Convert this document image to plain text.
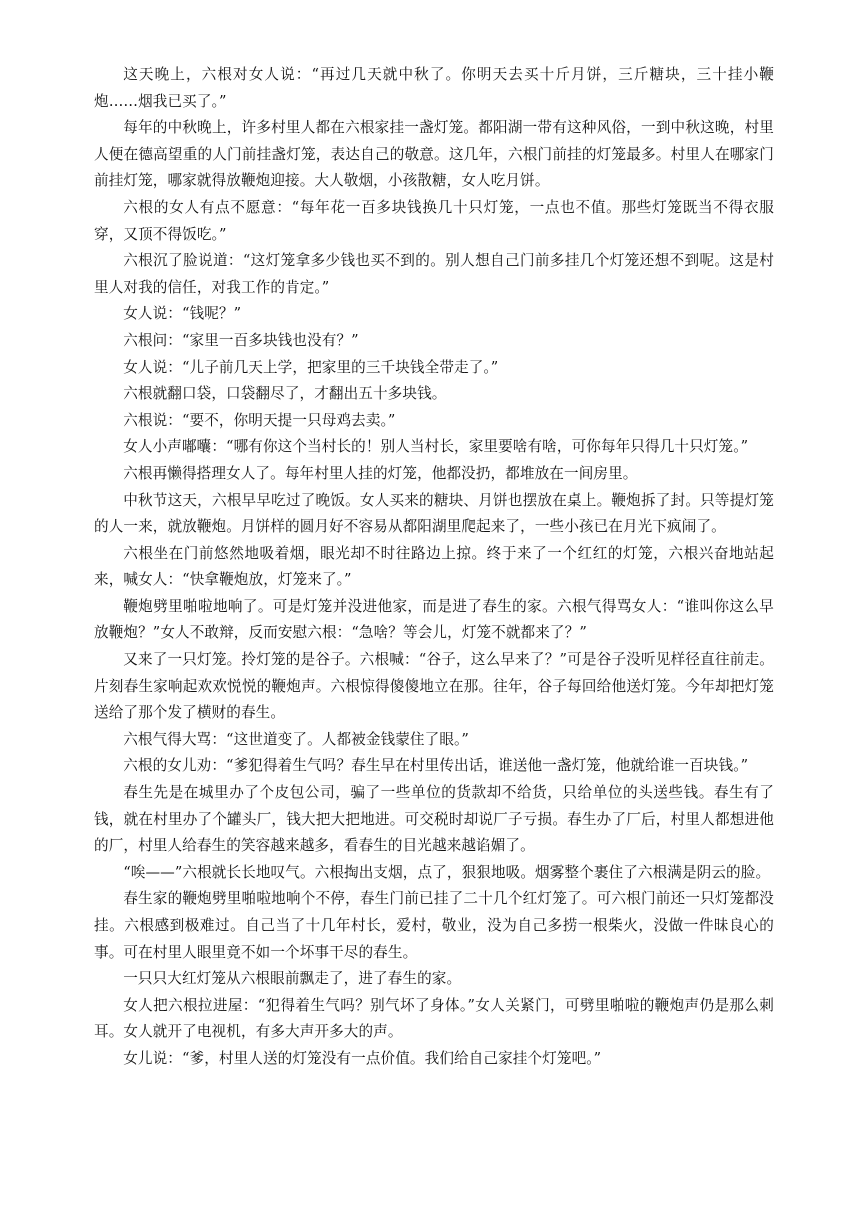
这天晚上，六根对女人说：“再过几天就中秋了。你明天去买十斤月饼，三斤糖块，三十挂小鞭炮……烟我已买了。”

每年的中秋晚上，许多村里人都在六根家挂一盏灯笼。都阳湖一带有这种风俗，一到中秋这晚，村里人便在德高望重的人门前挂盏灯笼，表达自己的敬意。这几年，六根门前挂的灯笼最多。村里人在哪家门前挂灯笼，哪家就得放鞭炮迎接。大人敬烟，小孩散糖，女人吃月饼。

六根的女人有点不愿意：“每年花一百多块钱换几十只灯笼，一点也不值。那些灯笼既当不得衣服穿，又顶不得饭吃。”

六根沉了脸说道：“这灯笼拿多少钱也买不到的。别人想自己门前多挂几个灯笼还想不到呢。这是村里人对我的信任，对我工作的肯定。”

女人说：“钱呢？”

六根问：“家里一百多块钱也没有？”

女人说：“儿子前几天上学，把家里的三千块钱全带走了。”

六根就翻口袋，口袋翻尽了，才翻出五十多块钱。

六根说：“要不，你明天提一只母鸡去卖。”

女人小声嘟囔：“哪有你这个当村长的！别人当村长，家里要啥有啥，可你每年只得几十只灯笼。”

六根再懒得搭理女人了。每年村里人挂的灯笼，他都没扔，都堆放在一间房里。

中秋节这天，六根早早吃过了晚饭。女人买来的糖块、月饼也摆放在桌上。鞭炮拆了封。只等提灯笼的人一来，就放鞭炮。月饼样的圆月好不容易从都阳湖里爬起来了，一些小孩已在月光下疯闹了。

六根坐在门前悠然地吸着烟，眼光却不时往路边上掠。终于来了一个红红的灯笼，六根兴奋地站起来，喊女人：“快拿鞭炮放，灯笼来了。”

鞭炮劈里啪啦地响了。可是灯笼并没进他家，而是进了春生的家。六根气得骂女人：“谁叫你这么早放鞭炮？”女人不敢辩，反而安慰六根：“急啥？等会儿，灯笼不就都来了？”

又来了一只灯笼。拎灯笼的是谷子。六根喊：“谷子，这么早来了？”可是谷子没听见样径直往前走。片刻春生家响起欢欢悦悦的鞭炮声。六根惊得傻傻地立在那。往年，谷子每回给他送灯笼。今年却把灯笼送给了那个发了横财的春生。

六根气得大骂：“这世道变了。人都被金钱蒙住了眼。”

六根的女儿劝：“爹犯得着生气吗？春生早在村里传出话，谁送他一盏灯笼，他就给谁一百块钱。”

春生先是在城里办了个皮包公司，骗了一些单位的货款却不给货，只给单位的头送些钱。春生有了钱，就在村里办了个罐头厂，钱大把大把地进。可交税时却说厂子亏损。春生办了厂后，村里人都想进他的厂，村里人给春生的笑容越来越多，看春生的目光越来越谄媚了。

“唉——”六根就长长地叹气。六根掏出支烟，点了，狠狠地吸。烟雾整个裹住了六根满是阴云的脸。

春生家的鞭炮劈里啪啦地响个不停，春生门前已挂了二十几个红灯笼了。可六根门前还一只灯笼都没挂。六根感到极难过。自己当了十几年村长，爱村，敬业，没为自己多捞一根柴火，没做一件昧良心的事。可在村里人眼里竟不如一个坏事干尽的春生。

一只只大红灯笼从六根眼前飘走了，进了春生的家。

女人把六根拉进屋：“犯得着生气吗？别气坏了身体。”女人关紧门，可劈里啪啦的鞭炮声仍是那么刺耳。女人就开了电视机，有多大声开多大的声。

女儿说：“爹，村里人送的灯笼没有一点价值。我们给自己家挂个灯笼吧。”
